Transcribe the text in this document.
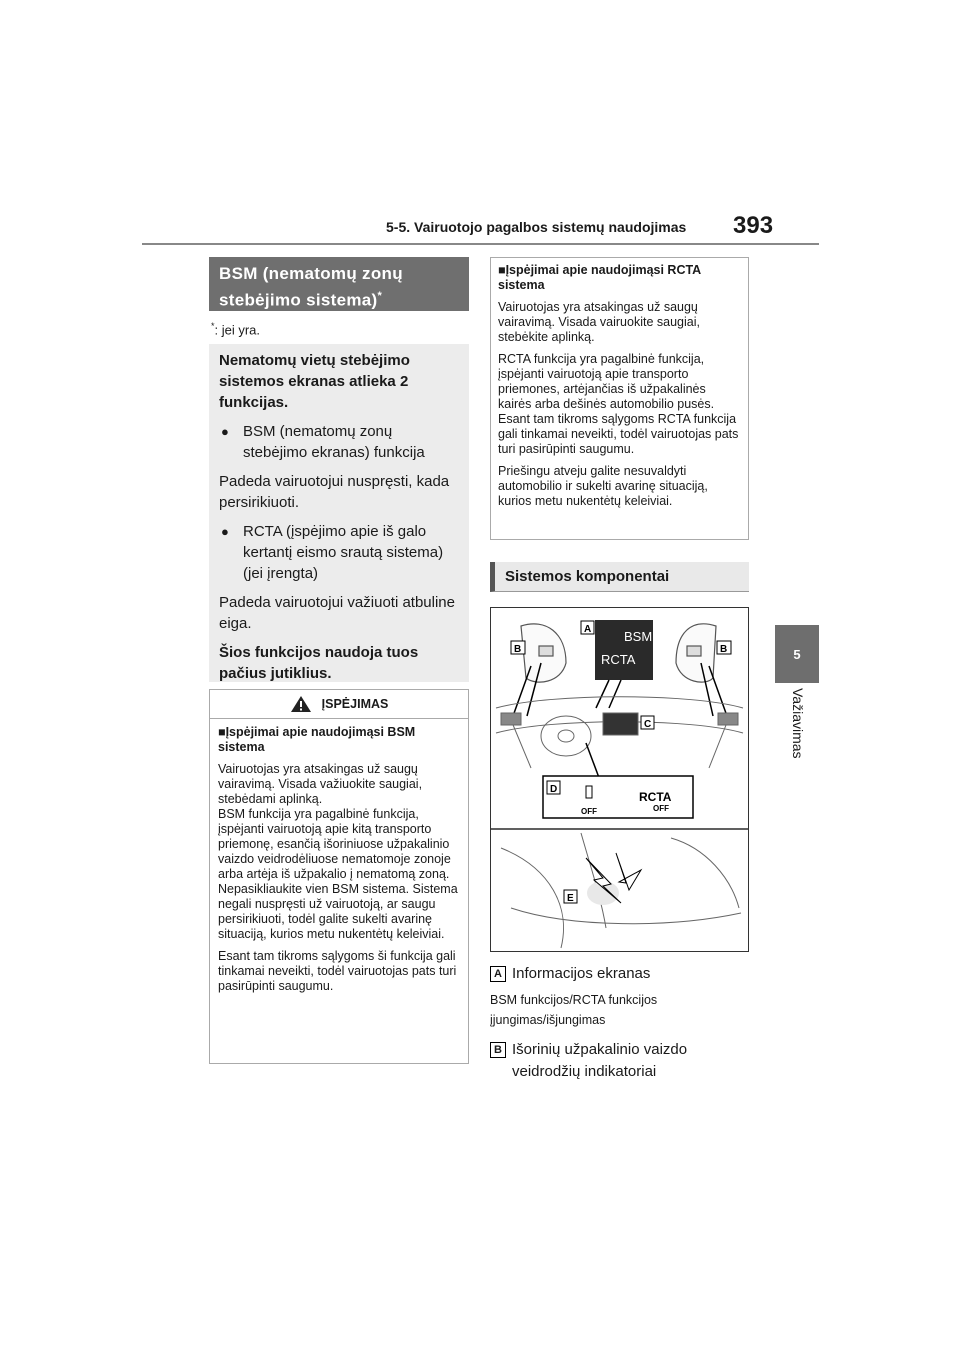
5-5. Vairuotojo pagalbos sistemų naudojimas 393
5
Važiavimas
BSM (nematomų zonų stebėjimo sistema)*
*: jei yra.

Nematomų vietų stebėjimo sistemos ekranas atlieka 2 funkcijas.

● BSM (nematomų zonų stebėjimo ekranas) funkcija

Padeda vairuotojui nuspręsti, kada persirikiuoti.

● RCTA (įspėjimo apie iš galo kertantį eismo srautą sistema) (jei įrengta)

Padeda vairuotojui važiuoti atbuline eiga.

Šios funkcijos naudoja tuos pačius jutiklius.

ĮSPĖJIMAS

■Įspėjimai apie naudojimąsi BSM sistema

Vairuotojas yra atsakingas už saugų vairavimą. Visada važiuokite saugiai, stebėdami aplinką.

BSM funkcija yra pagalbinė funkcija, įspėjanti vairuotoją apie kitą transporto priemonę, esančią išoriniuose užpakalinio vaizdo veidrodėliuose nematomoje zonoje arba artėja iš užpakalio į nematomą zoną. Nepasikliaukite vien BSM sistema. Sistema negali nuspręsti už vairuotoją, ar saugu persirikiuoti, todėl galite sukelti avarinę situaciją, kurios metu nukentėtų keleiviai.

Esant tam tikroms sąlygoms ši funkcija gali tinkamai neveikti, todėl vairuotojas pats turi pasirūpinti saugumu.

■Įspėjimai apie naudojimąsi RCTA sistema

Vairuotojas yra atsakingas už saugų vairavimą. Visada vairuokite saugiai, stebėkite aplinką.

RCTA funkcija yra pagalbinė funkcija, įspėjanti vairuotoją apie transporto priemones, artėjančias iš užpakalinės kairės arba dešinės automobilio pusės. Esant tam tikroms sąlygoms RCTA funkcija gali tinkamai neveikti, todėl vairuotojas pats turi pasirūpinti saugumu.

Priešingu atveju galite nesuvaldyti automobilio ir sukelti avarinę situaciją, kurios metu nukentėtų keleiviai.

Sistemos komponentai
BSM
RCTA
A
B	B
C
D
OFF
RCTA
OFF
E
A Informacijos ekranas
BSM funkcijos/RCTA funkcijos įjungimas/išjungimas
B Išorinių užpakalinio vaizdo veidrodžių indikatoriai
